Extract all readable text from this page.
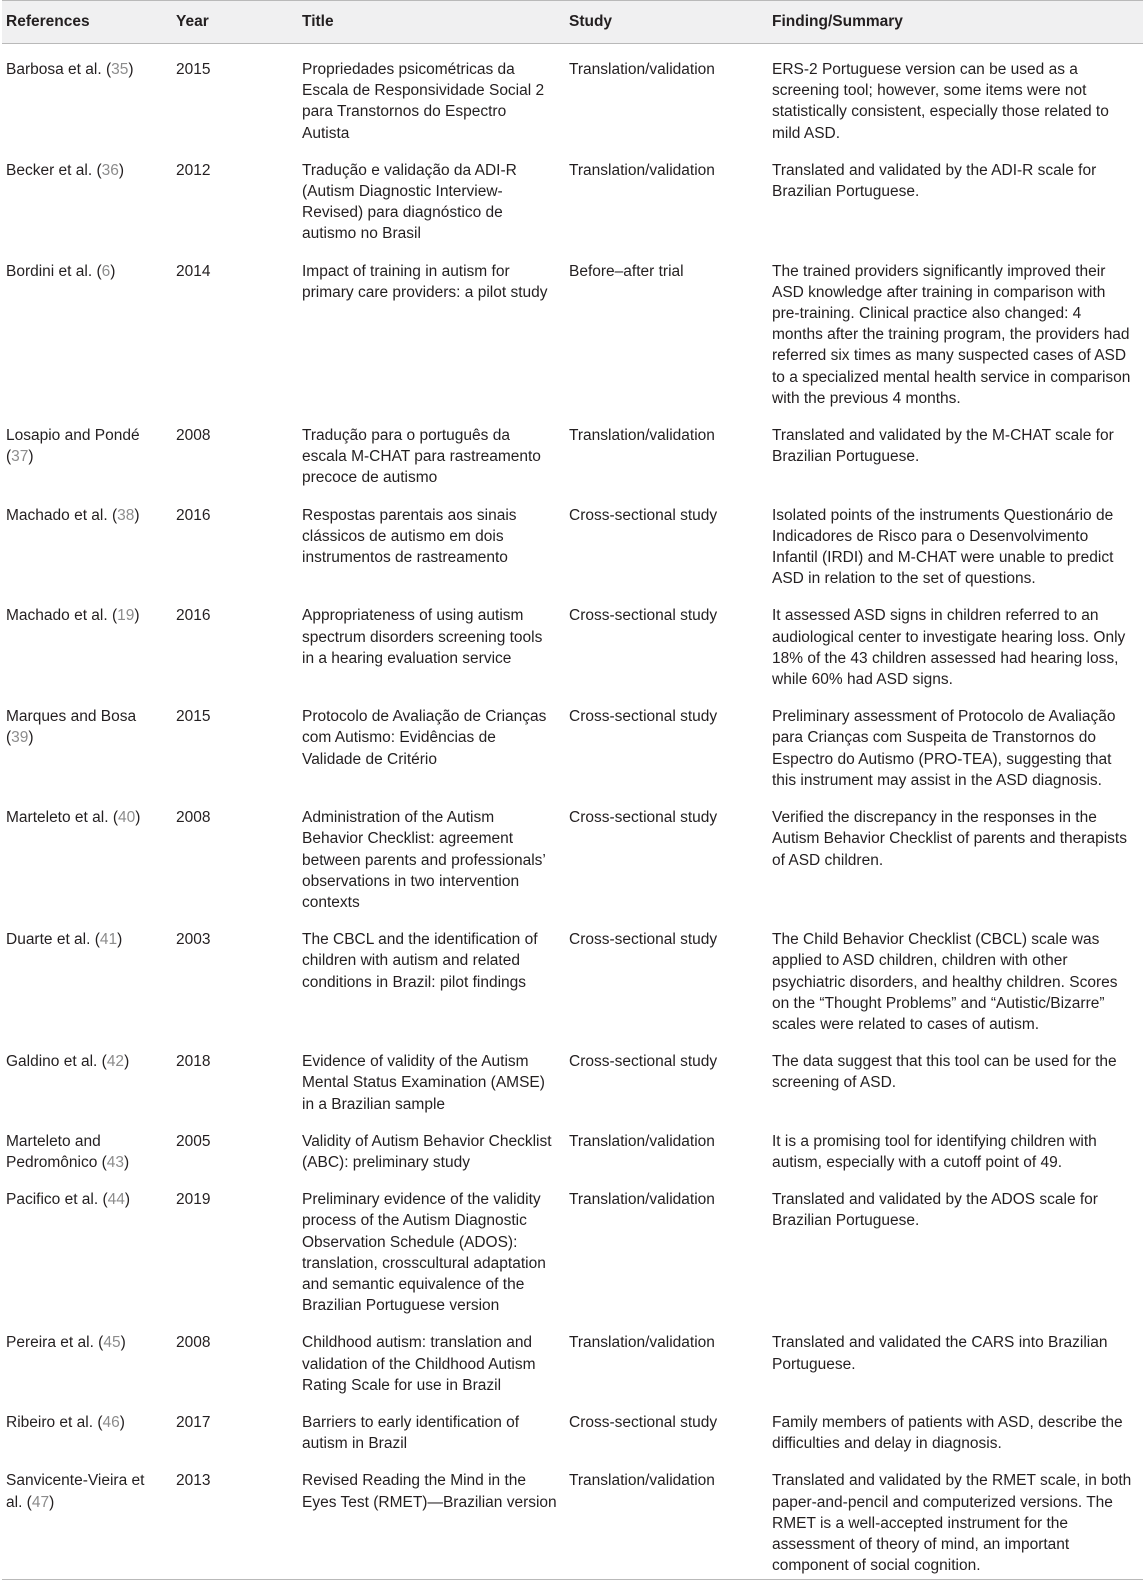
References	Year	Title	Study	Finding/Summary
Barbosa et al. (35)	2015	Propriedades psicométricas da Escala de Responsividade Social 2 para Transtornos do Espectro Autista	Translation/validation	ERS-2 Portuguese version can be used as a screening tool; however, some items were not statistically consistent, especially those related to mild ASD.
Becker et al. (36)	2012	Tradução e validação da ADI-R (Autism Diagnostic Interview-Revised) para diagnóstico de autismo no Brasil	Translation/validation	Translated and validated by the ADI-R scale for Brazilian Portuguese.
Bordini et al. (6)	2014	Impact of training in autism for primary care providers: a pilot study	Before–after trial	The trained providers significantly improved their ASD knowledge after training in comparison with pre-training. Clinical practice also changed: 4 months after the training program, the providers had referred six times as many suspected cases of ASD to a specialized mental health service in comparison with the previous 4 months.
Losapio and Pondé (37)	2008	Tradução para o português da escala M-CHAT para rastreamento precoce de autismo	Translation/validation	Translated and validated by the M-CHAT scale for Brazilian Portuguese.
Machado et al. (38)	2016	Respostas parentais aos sinais clássicos de autismo em dois instrumentos de rastreamento	Cross-sectional study	Isolated points of the instruments Questionário de Indicadores de Risco para o Desenvolvimento Infantil (IRDI) and M-CHAT were unable to predict ASD in relation to the set of questions.
Machado et al. (19)	2016	Appropriateness of using autism spectrum disorders screening tools in a hearing evaluation service	Cross-sectional study	It assessed ASD signs in children referred to an audiological center to investigate hearing loss. Only 18% of the 43 children assessed had hearing loss, while 60% had ASD signs.
Marques and Bosa (39)	2015	Protocolo de Avaliação de Crianças com Autismo: Evidências de Validade de Critério	Cross-sectional study	Preliminary assessment of Protocolo de Avaliação para Crianças com Suspeita de Transtornos do Espectro do Autismo (PRO-TEA), suggesting that this instrument may assist in the ASD diagnosis.
Marteleto et al. (40)	2008	Administration of the Autism Behavior Checklist: agreement between parents and professionals’ observations in two intervention contexts	Cross-sectional study	Verified the discrepancy in the responses in the Autism Behavior Checklist of parents and therapists of ASD children.
Duarte et al. (41)	2003	The CBCL and the identification of children with autism and related conditions in Brazil: pilot findings	Cross-sectional study	The Child Behavior Checklist (CBCL) scale was applied to ASD children, children with other psychiatric disorders, and healthy children. Scores on the “Thought Problems” and “Autistic/Bizarre” scales were related to cases of autism.
Galdino et al. (42)	2018	Evidence of validity of the Autism Mental Status Examination (AMSE) in a Brazilian sample	Cross-sectional study	The data suggest that this tool can be used for the screening of ASD.
Marteleto and Pedromônico (43)	2005	Validity of Autism Behavior Checklist (ABC): preliminary study	Translation/validation	It is a promising tool for identifying children with autism, especially with a cutoff point of 49.
Pacifico et al. (44)	2019	Preliminary evidence of the validity process of the Autism Diagnostic Observation Schedule (ADOS): translation, crosscultural adaptation and semantic equivalence of the Brazilian Portuguese version	Translation/validation	Translated and validated by the ADOS scale for Brazilian Portuguese.
Pereira et al. (45)	2008	Childhood autism: translation and validation of the Childhood Autism Rating Scale for use in Brazil	Translation/validation	Translated and validated the CARS into Brazilian Portuguese.
Ribeiro et al. (46)	2017	Barriers to early identification of autism in Brazil	Cross-sectional study	Family members of patients with ASD, describe the difficulties and delay in diagnosis.
Sanvicente-Vieira et al. (47)	2013	Revised Reading the Mind in the Eyes Test (RMET)—Brazilian version	Translation/validation	Translated and validated by the RMET scale, in both paper-and-pencil and computerized versions. The RMET is a well-accepted instrument for the assessment of theory of mind, an important component of social cognition.
